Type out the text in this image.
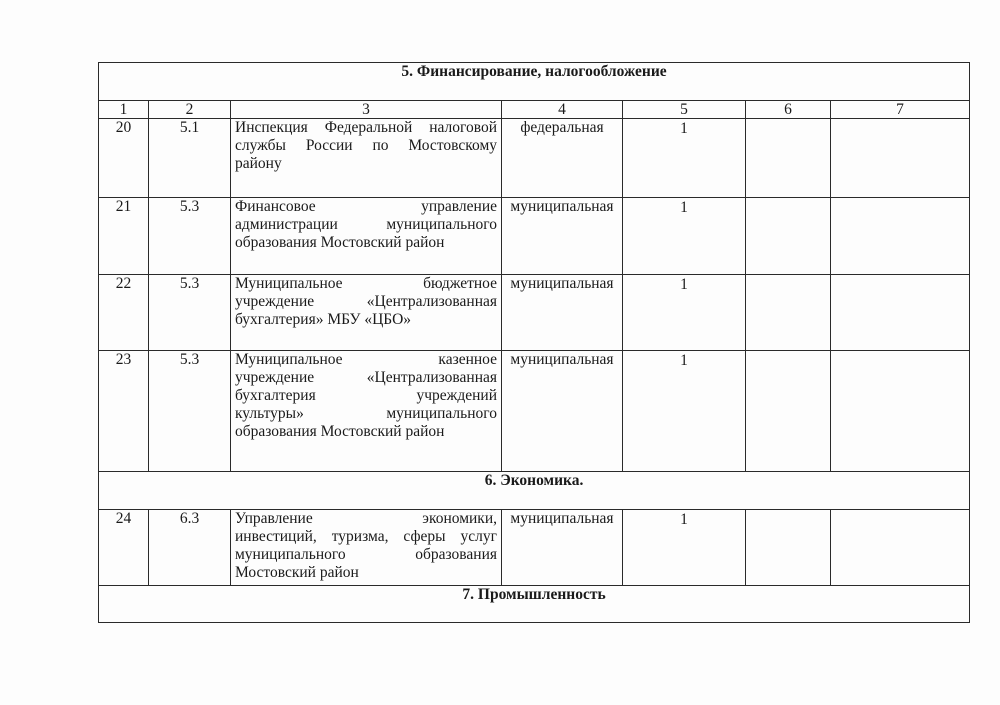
5. Финансирование, налогообложение						
1	2	3	4	5	6	7
20	5.1	Инспекция Федеральной налоговой
службы России по Мостовскому
району	федеральная	1		
21	5.3	Финансовое управление
администрации муниципального
образования Мостовский район	муниципальная	1		
22	5.3	Муниципальное бюджетное
учреждение «Централизованная
бухгалтерия» МБУ «ЦБО»	муниципальная	1		
23	5.3	Муниципальное казенное
учреждение «Централизованная
бухгалтерия учреждений
культуры» муниципального
образования Мостовский район	муниципальная	1		
6. Экономика.						
24	6.3	Управление экономики,
инвестиций, туризма, сферы услуг
муниципального образования
Мостовский район	муниципальная	1		
7. Промышленность						
